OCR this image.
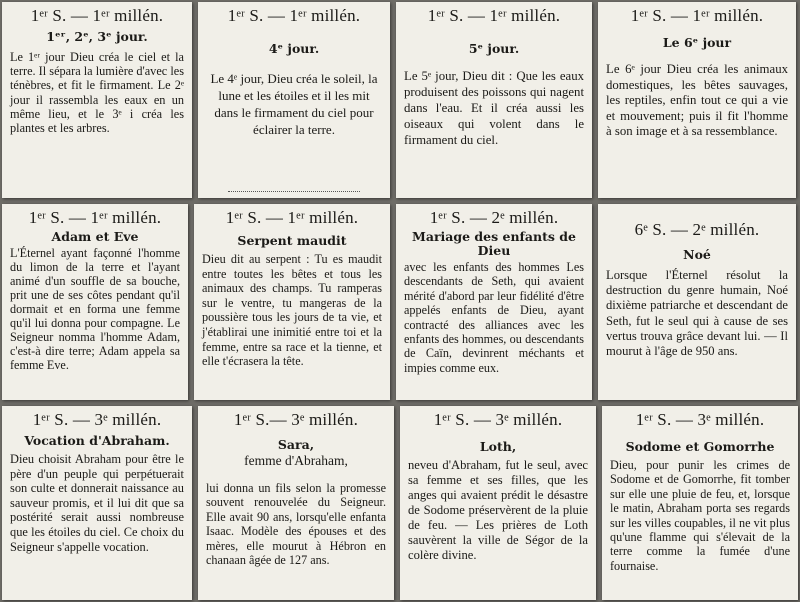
1ᵉʳ S. — 1ᵉʳ millén.
1ᵉʳ, 2ᵉ, 3ᵉ jour.
Le 1ᵉʳ jour Dieu créa le ciel et la terre. Il sépara la lumière d'avec les ténèbres, et fit le firmament. Le 2ᵉ jour il rassembla les eaux en un même lieu, et le 3ᵉ i créa les plantes et les arbres.
1ᵉʳ S. — 1ᵉʳ millén.
4ᵉ jour.
Le 4ᵉ jour, Dieu créa le soleil, la lune et les étoiles et il les mit dans le firmament du ciel pour éclairer la terre.
1ᵉʳ S. — 1ᵉʳ millén.
5ᵉ jour.
Le 5ᵉ jour, Dieu dit : Que les eaux produisent des poissons qui nagent dans l'eau. Et il créa aussi les oiseaux qui volent dans le firmament du ciel.
1ᵉʳ S. — 1ᵉʳ millén.
Le 6ᵉ jour
Le 6ᵉ jour Dieu créa les animaux domestiques, les bêtes sauvages, les reptiles, enfin tout ce qui a vie et mouvement; puis il fit l'homme à son image et à sa ressemblance.
1ᵉʳ S. — 1ᵉʳ millén.
Adam et Eve
L'Éternel ayant façonné l'homme du limon de la terre et l'ayant animé d'un souffle de sa bouche, prit une de ses côtes pendant qu'il dormait et en forma une femme qu'il lui donna pour compagne. Le Seigneur nomma l'homme Adam, c'est-à dire terre; Adam appela sa femme Eve.
1ᵉʳ S. — 1ᵉʳ millén.
Serpent maudit
Dieu dit au serpent : Tu es maudit entre toutes les bêtes et tous les animaux des champs. Tu ramperas sur le ventre, tu mangeras de la poussière tous les jours de ta vie, et j'établirai une inimitié entre toi et la femme, entre sa race et la tienne, et elle t'écrasera la tête.
1ᵉʳ S. — 2ᵉ millén.
Mariage des enfants de Dieu
avec les enfants des hommes Les descendants de Seth, qui avaient mérité d'abord par leur fidélité d'être appelés enfants de Dieu, ayant contracté des alliances avec les enfants des hommes, ou descendants de Caïn, devinrent méchants et impies comme eux.
6ᵉ S. — 2ᵉ millén.
Noé
Lorsque l'Éternel résolut la destruction du genre humain, Noé dixième patriarche et descendant de Seth, fut le seul qui à cause de ses vertus trouva grâce devant lui. — Il mourut à l'âge de 950 ans.
1ᵉʳ S. — 3ᵉ millén.
Vocation d'Abraham.
Dieu choisit Abraham pour être le père d'un peuple qui perpétuerait son culte et donnerait naissance au sauveur promis, et il lui dit que sa postérité serait aussi nombreuse que les étoiles du ciel. Ce choix du Seigneur s'appelle vocation.
1ᵉʳ S.— 3ᵉ millén.
Sara,
femme d'Abraham,
lui donna un fils selon la promesse souvent renouvelée du Seigneur. Elle avait 90 ans, lorsqu'elle enfanta Isaac. Modèle des épouses et des mères, elle mourut à Hébron en chanaan âgée de 127 ans.
1ᵉʳ S. — 3ᵉ millén.
Loth,
neveu d'Abraham, fut le seul, avec sa femme et ses filles, que les anges qui avaient prédit le désastre de Sodome préservèrent de la pluie de feu. — Les prières de Loth sauvèrent la ville de Ségor de la colère divine.
1ᵉʳ S. — 3ᵉ millén.
Sodome et Gomorrhe
Dieu, pour punir les crimes de Sodome et de Gomorrhe, fit tomber sur elle une pluie de feu, et, lorsque le matin, Abraham porta ses regards sur les villes coupables, il ne vit plus qu'une flamme qui s'élevait de la terre comme la fumée d'une fournaise.
